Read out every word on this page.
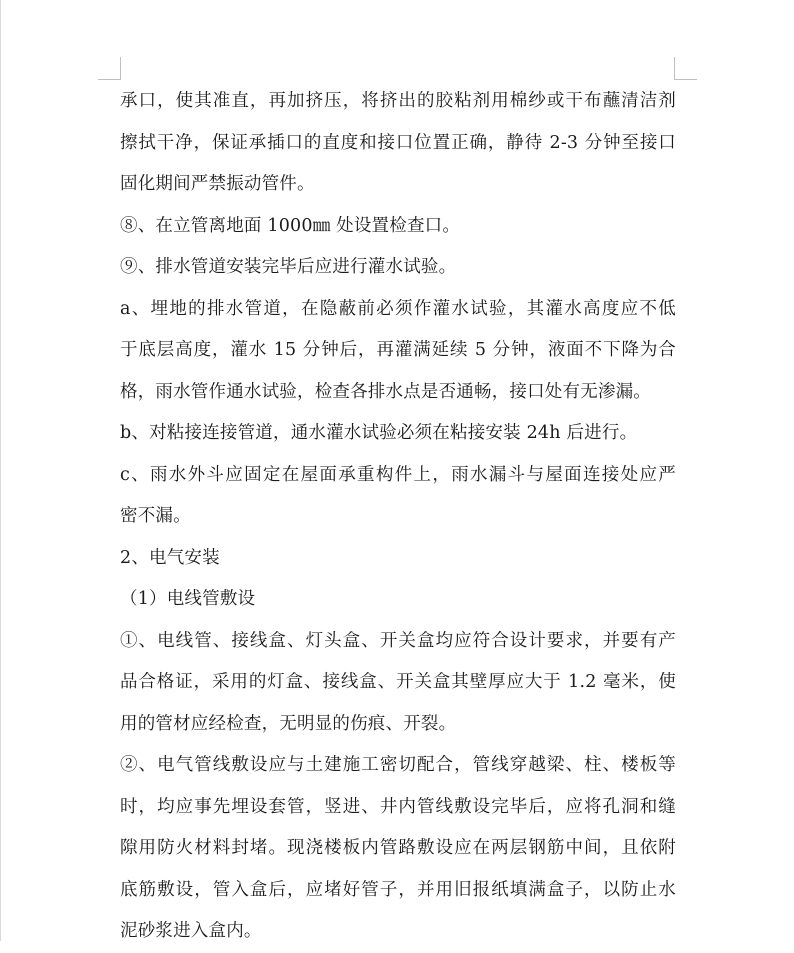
承口，使其准直，再加挤压，将挤出的胶粘剂用棉纱或干布蘸清洁剂
擦拭干净，保证承插口的直度和接口位置正确，静待 2-3 分钟至接口
固化期间严禁振动管件。
⑧、在立管离地面 1000㎜ 处设置检查口。
⑨、排水管道安装完毕后应进行灌水试验。
a、埋地的排水管道，在隐蔽前必须作灌水试验，其灌水高度应不低
于底层高度，灌水 15 分钟后，再灌满延续 5 分钟，液面不下降为合
格，雨水管作通水试验，检查各排水点是否通畅，接口处有无渗漏。
b、对粘接连接管道，通水灌水试验必须在粘接安装 24h 后进行。
c、雨水外斗应固定在屋面承重构件上，雨水漏斗与屋面连接处应严
密不漏。
2、电气安装
（1）电线管敷设
①、电线管、接线盒、灯头盒、开关盒均应符合设计要求，并要有产
品合格证，采用的灯盒、接线盒、开关盒其壁厚应大于 1.2 毫米，使
用的管材应经检查，无明显的伤痕、开裂。
②、电气管线敷设应与土建施工密切配合，管线穿越梁、柱、楼板等
时，均应事先埋设套管，竖进、井内管线敷设完毕后，应将孔洞和缝
隙用防火材料封堵。现浇楼板内管路敷设应在两层钢筋中间，且依附
底筋敷设，管入盒后，应堵好管子，并用旧报纸填满盒子，以防止水
泥砂浆进入盒内。
